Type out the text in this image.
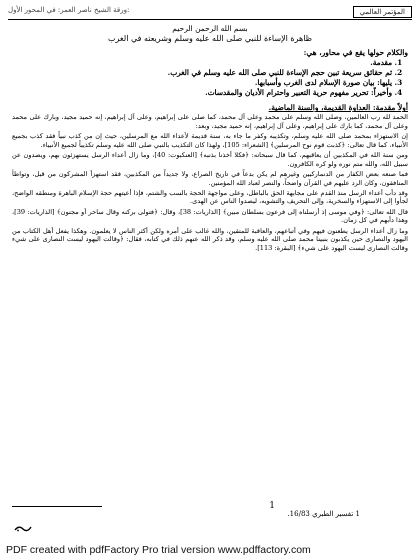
المؤتمر العالمي
ورقة الشيخ ناصر العمر: في المحور الأول:
بسم الله الرحمن الرحيم
ظاهرة الإساءة للنبي صلى الله عليه وسلم وشريعته في الغرب
والكلام حولها يقع في محاور، هي:
1. مقدمة.
2. ثم حقائق سريعة تبين حجم الإساءة للنبي صلى الله عليه وسلم في الغرب.
3. يليها: بيان صورة الإسلام لدى الغرب وأسبابها.
4. وأخيراً: تحرير مفهوم حرية التعبير واحترام الأديان والمقدسات.
أولاً مقدمة: العداوة القديمة، والسنة الماضية.

الحمد لله رب العالمين، وصلى الله وسلم على محمد وعلى آل محمد، كما صلى على إبراهيم، وعلى آل إبراهيم، إنه حميد مجيد، وبارك على محمد وعلى آل محمد، كما بارك على إبراهيم، وعلى آل إبراهيم، إنه حميد مجيد، وبعد:

إن الاستهزاء بمحمد صلى الله عليه وسلم، وتكذيبه وكفر ما جاء به، سنة قديمة لأعداء الله مع المرسلين، حيث إن من كذب نبياً فقد كذب بجميع الأنبياء، كما قال تعالى: ﴿كذبت قوم نوح المرسلين﴾ [الشعراء: 105]، ولهذا كان التكذيب بالنبي صلى الله عليه وسلم تكذيباً لجميع الأنبياء.

ومن سنة الله في المكذبين أن يعاقبهم، كما قال سبحانه: ﴿فكلا أخذنا بذنبه﴾ [العنكبوت: 40]، وما زال أعداء الرسل يستهزئون بهم، ويصدون عن سبيل الله، والله متم نوره ولو كره الكافرون.

فما صنعه بعض الكفار من الدنماركيين وغيرهم لم يكن بدعاً في تاريخ الصراع، ولا جديداً من المكذبين، فقد استهزأ المشركون من قبل، وتواطأ المنافقون، وكان الرد عليهم في القرآن واضحاً، والنصر لعباد الله المؤمنين.

وقد دأب أعداء الرسل منذ القدم على مجابهة الحق بالباطل، وعلى مواجهة الحجة بالسب والشتم، فإذا أعيتهم حجة الإسلام الباهرة ومنطقه الواضح، لجأوا إلى الاستهزاء والسخرية، وإلى التحريف والتشويه، ليصدوا الناس عن الهدى.

قال الله تعالى: ﴿وفي موسى إذ أرسلناه إلى فرعون بسلطان مبين﴾ [الذاريات: 38]، وقال: ﴿فتولى بركنه وقال ساحر أو مجنون﴾ [الذاريات: 39]، وهذا دأبهم في كل زمان.

وما زال أعداء الرسل يطعنون فيهم وفي أتباعهم، والعاقبة للمتقين، والله غالب على أمره ولكن أكثر الناس لا يعلمون. وهكذا يفعل أهل الكتاب من اليهود والنصارى حين يكذبون بنبينا محمد صلى الله عليه وسلم، وقد ذكر الله عنهم ذلك في كتابه، فقال: ﴿وقالت اليهود ليست النصارى على شيء وقالت النصارى ليست اليهود على شيء﴾ [البقرة: 113].

1
1 تفسير الطبري 16/83.
PDF created with pdfFactory Pro trial version www.pdffactory.com
